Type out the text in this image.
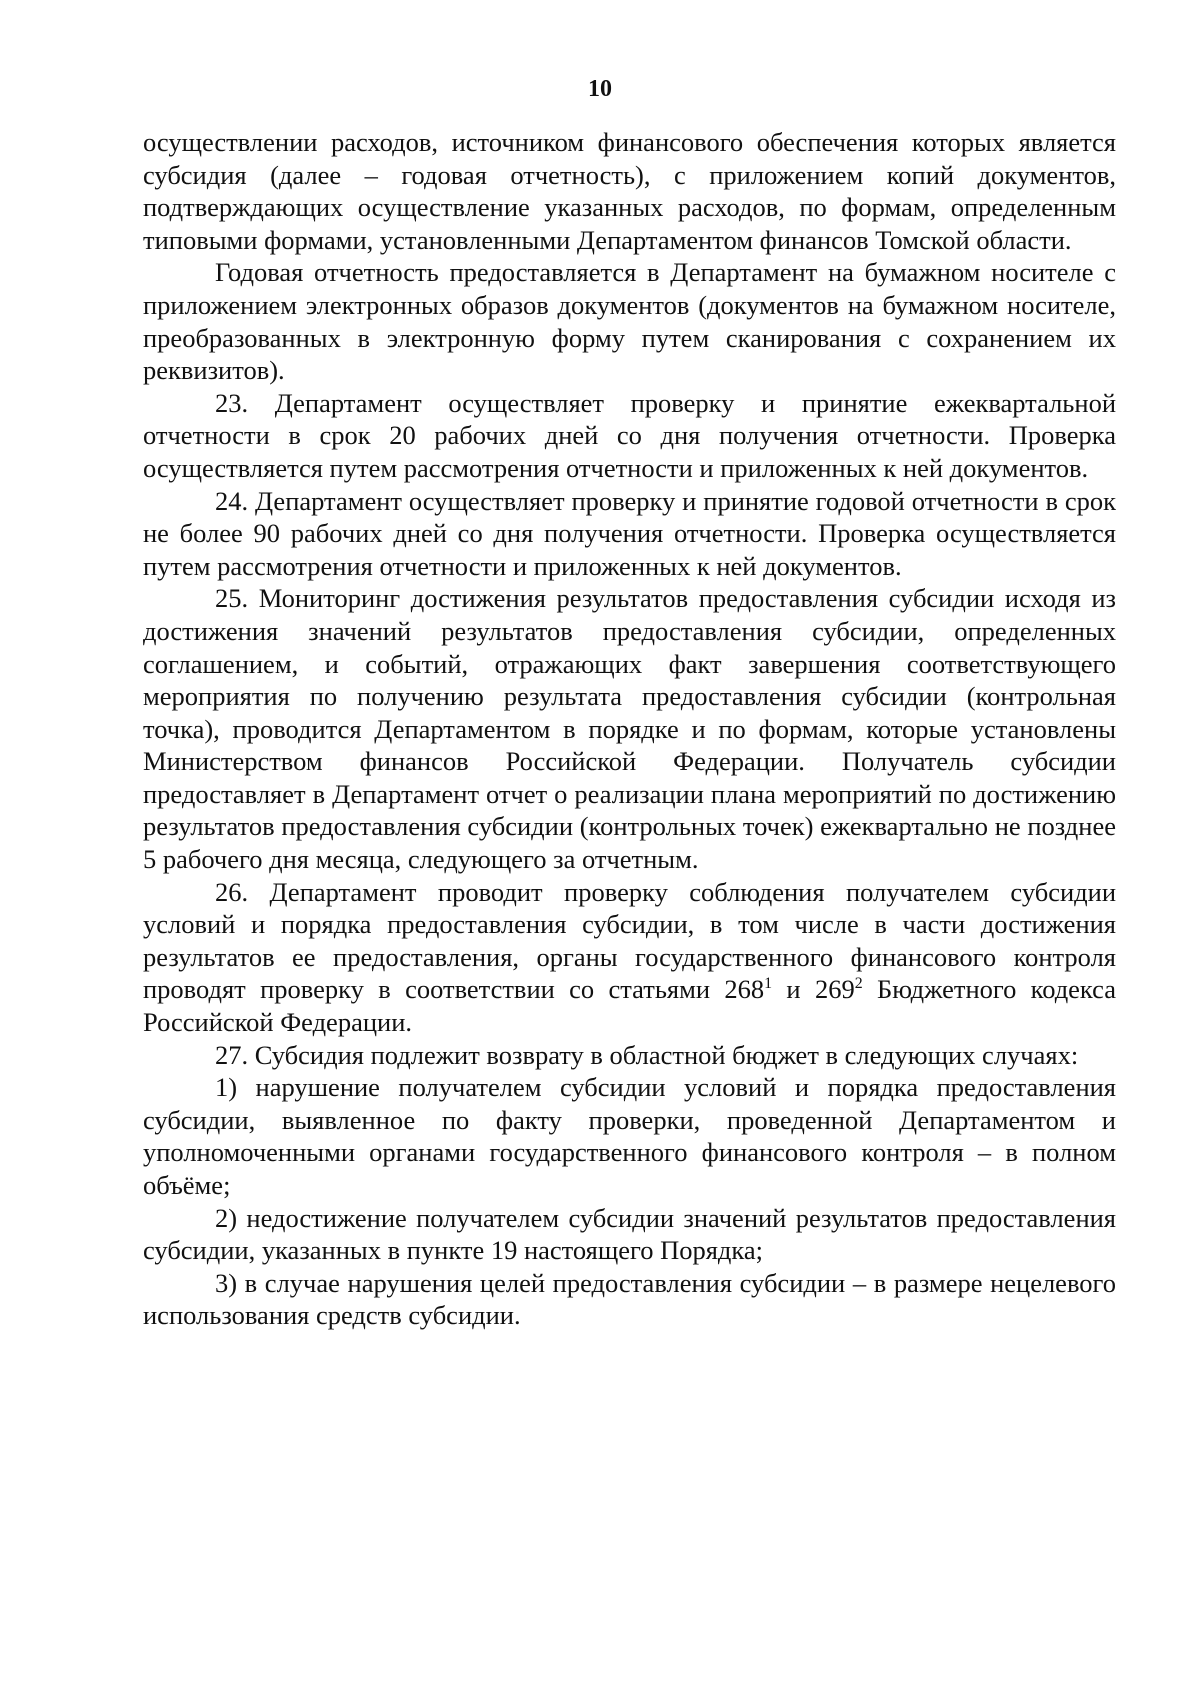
10

осуществлении расходов, источником финансового обеспечения которых является субсидия (далее – годовая отчетность), с приложением копий документов, подтверждающих осуществление указанных расходов, по формам, определенным типовыми формами, установленными Департаментом финансов Томской области.

Годовая отчетность предоставляется в Департамент на бумажном носителе с приложением электронных образов документов (документов на бумажном носителе, преобразованных в электронную форму путем сканирования с сохранением их реквизитов).

23. Департамент осуществляет проверку и принятие ежеквартальной отчетности в срок 20 рабочих дней со дня получения отчетности. Проверка осуществляется путем рассмотрения отчетности и приложенных к ней документов.

24. Департамент осуществляет проверку и принятие годовой отчетности в срок не более 90 рабочих дней со дня получения отчетности. Проверка осуществляется путем рассмотрения отчетности и приложенных к ней документов.

25. Мониторинг достижения результатов предоставления субсидии исходя из достижения значений результатов предоставления субсидии, определенных соглашением, и событий, отражающих факт завершения соответствующего мероприятия по получению результата предоставления субсидии (контрольная точка), проводится Департаментом в порядке и по формам, которые установлены Министерством финансов Российской Федерации. Получатель субсидии предоставляет в Департамент отчет о реализации плана мероприятий по достижению результатов предоставления субсидии (контрольных точек) ежеквартально не позднее 5 рабочего дня месяца, следующего за отчетным.

26. Департамент проводит проверку соблюдения получателем субсидии условий и порядка предоставления субсидии, в том числе в части достижения результатов ее предоставления, органы государственного финансового контроля проводят проверку в соответствии со статьями $268^1$ и $269^2$ Бюджетного кодекса Российской Федерации.

27. Субсидия подлежит возврату в областной бюджет в следующих случаях:

1) нарушение получателем субсидии условий и порядка предоставления субсидии, выявленное по факту проверки, проведенной Департаментом и уполномоченными органами государственного финансового контроля – в полном объёме;

2) недостижение получателем субсидии значений результатов предоставления субсидии, указанных в пункте 19 настоящего Порядка;

3) в случае нарушения целей предоставления субсидии – в размере нецелевого использования средств субсидии.
